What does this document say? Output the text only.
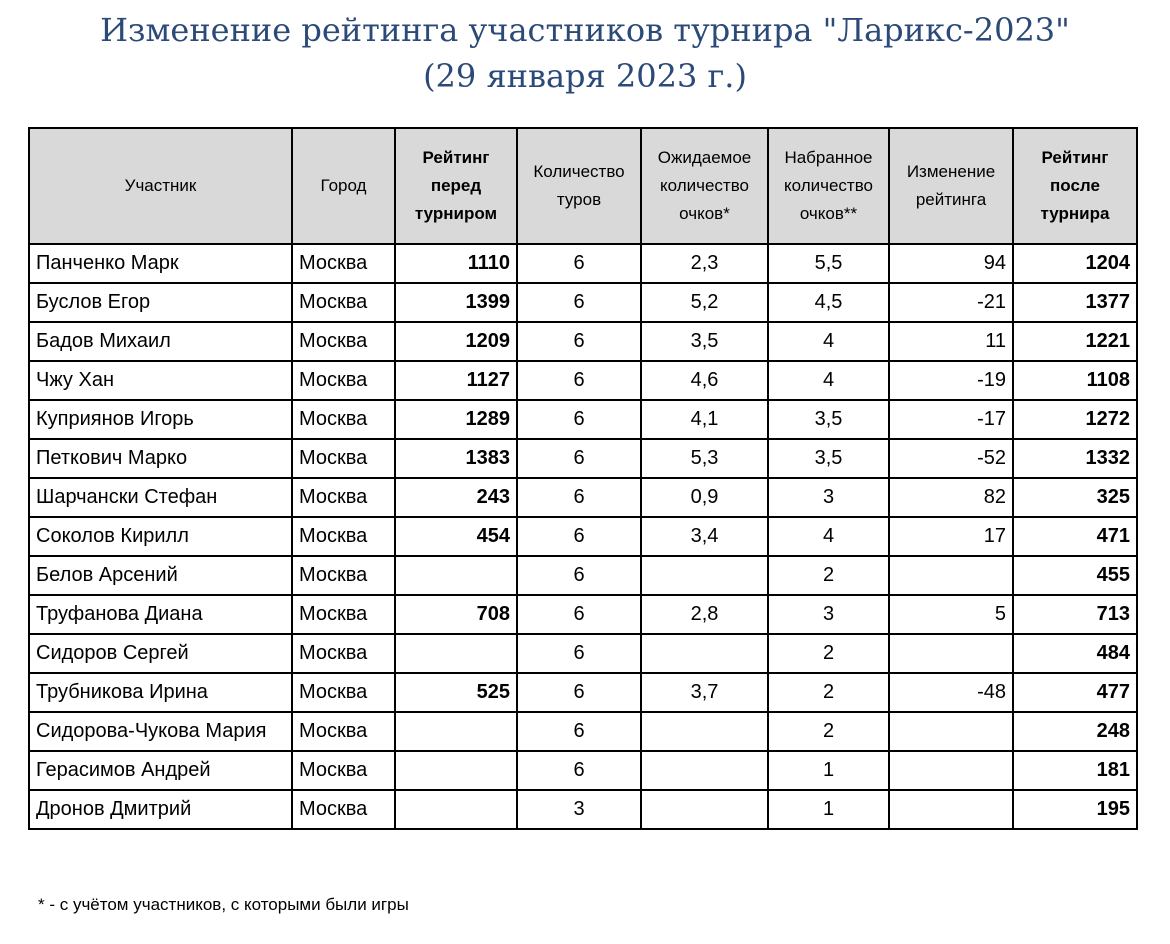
Изменение рейтинга участников турнира "Ларикс-2023"
(29 января 2023 г.)
Участник	Город	Рейтинг перед турниром	Количество туров	Ожидаемое количество очков*	Набранное количество очков**	Изменение рейтинга	Рейтинг после турнира
Панченко Марк	Москва	1110	6	2,3	5,5	94	1204
Буслов Егор	Москва	1399	6	5,2	4,5	-21	1377
Бадов Михаил	Москва	1209	6	3,5	4	11	1221
Чжу Хан	Москва	1127	6	4,6	4	-19	1108
Куприянов Игорь	Москва	1289	6	4,1	3,5	-17	1272
Петкович Марко	Москва	1383	6	5,3	3,5	-52	1332
Шарчански Стефан	Москва	243	6	0,9	3	82	325
Соколов Кирилл	Москва	454	6	3,4	4	17	471
Белов Арсений	Москва		6		2		455
Труфанова Диана	Москва	708	6	2,8	3	5	713
Сидоров Сергей	Москва		6		2		484
Трубникова Ирина	Москва	525	6	3,7	2	-48	477
Сидорова-Чукова Мария	Москва		6		2		248
Герасимов Андрей	Москва		6		1		181
Дронов Дмитрий	Москва		3		1		195
* - с учётом участников, с которыми были игры
